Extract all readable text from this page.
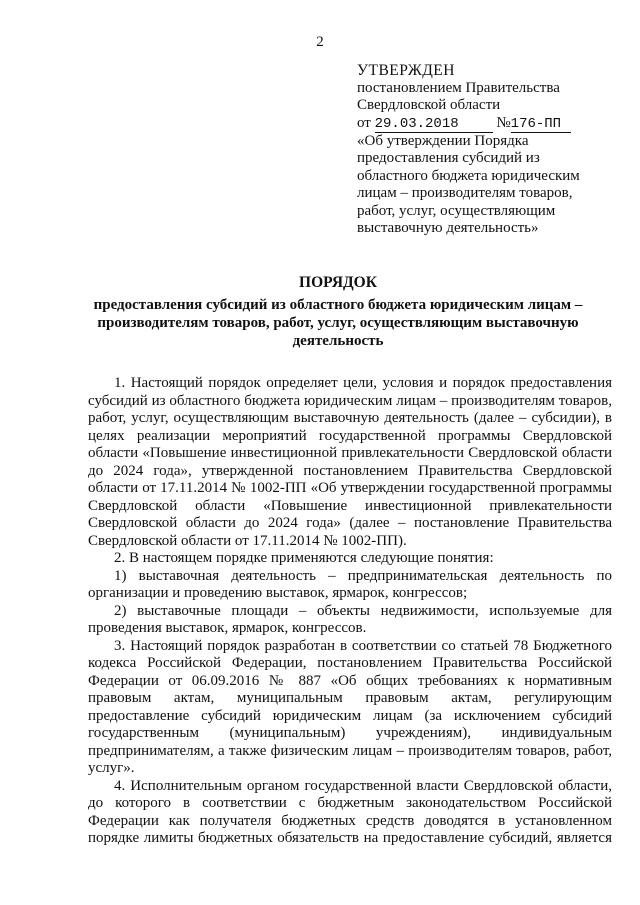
2
УТВЕРЖДЕН
постановлением Правительства
Свердловской области
от 29.03.2018	№176-ПП
«Об утверждении Порядка предоставления субсидий из областного бюджета юридическим лицам – производителям товаров, работ, услуг, осуществляющим выставочную деятельность»
ПОРЯДОК
предоставления субсидий из областного бюджета юридическим лицам – производителям товаров, работ, услуг, осуществляющим выставочную деятельность

1. Настоящий порядок определяет цели, условия и порядок предоставления субсидий из областного бюджета юридическим лицам – производителям товаров, работ, услуг, осуществляющим выставочную деятельность (далее – субсидии), в целях реализации мероприятий государственной программы Свердловской области «Повышение инвестиционной привлекательности Свердловской области до 2024 года», утвержденной постановлением Правительства Свердловской области от 17.11.2014 № 1002-ПП «Об утверждении государственной программы Свердловской области «Повышение инвестиционной привлекательности Свердловской области до 2024 года» (далее – постановление Правительства Свердловской области от 17.11.2014 № 1002-ПП).

2. В настоящем порядке применяются следующие понятия:

1) выставочная деятельность – предпринимательская деятельность по организации и проведению выставок, ярмарок, конгрессов;

2) выставочные площади – объекты недвижимости, используемые для проведения выставок, ярмарок, конгрессов.

3. Настоящий порядок разработан в соответствии со статьей 78 Бюджетного кодекса Российской Федерации, постановлением Правительства Российской Федерации от 06.09.2016 № 887 «Об общих требованиях к нормативным правовым актам, муниципальным правовым актам, регулирующим предоставление субсидий юридическим лицам (за исключением субсидий государственным (муниципальным) учреждениям), индивидуальным предпринимателям, а также физическим лицам – производителям товаров, работ, услуг».

4. Исполнительным органом государственной власти Свердловской области, до которого в соответствии с бюджетным законодательством Российской Федерации как получателя бюджетных средств доводятся в установленном порядке лимиты бюджетных обязательств на предоставление субсидий, является
